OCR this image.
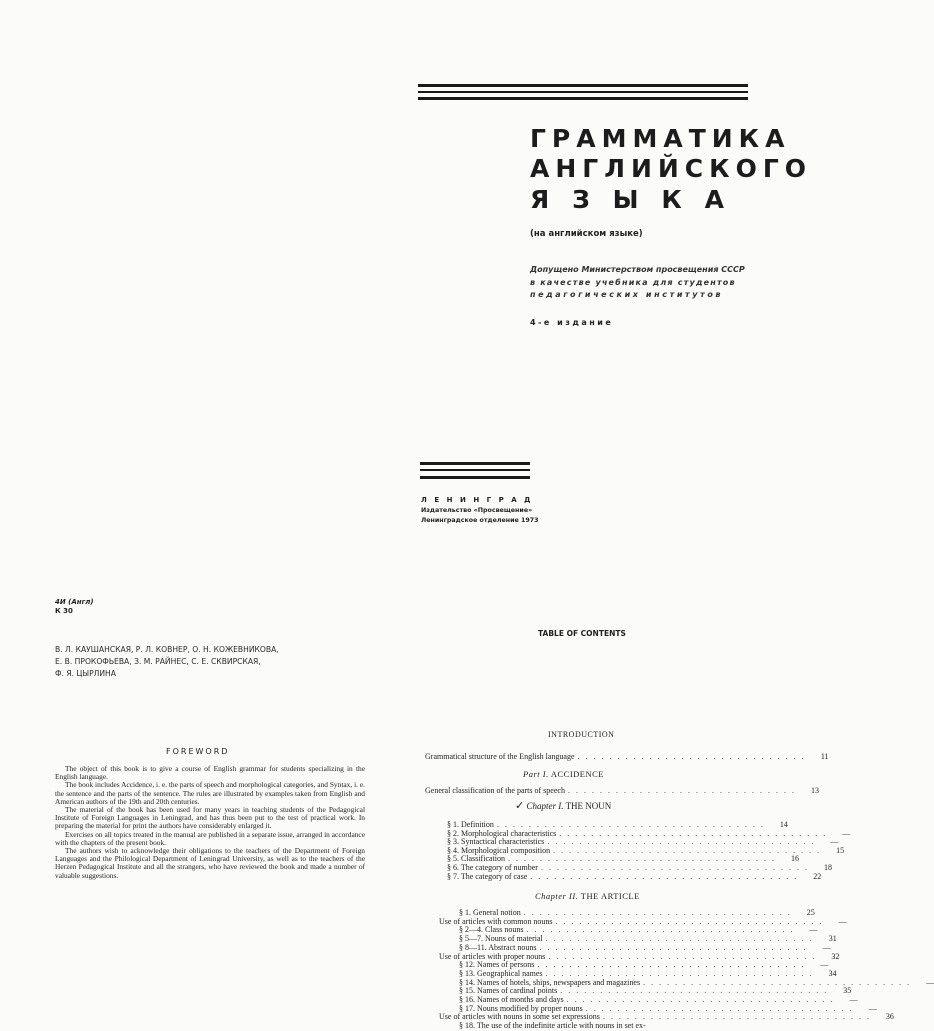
ГРАММАТИКА
АНГЛИЙСКОГО
Я З Ы К А
(на английском языке)
Допущено Министерством просвещения СССР
в качестве учебника для студентов
педагогических институтов
4-е издание
ЛЕНИНГРАД
Издательство «Просвещение»
Ленинградское отделение 1973
4И (Англ)
К 30
В. Л. КАУШАНСКАЯ, Р. Л. КОВНЕР, О. Н. КОЖЕВНИКОВА,
Е. В. ПРОКОФЬЕВА, З. М. РАЙНЕС, С. Е. СКВИРСКАЯ,
Ф. Я. ЦЫРЛИНА
FOREWORD

The object of this book is to give a course of English grammar for students specializing in the English language.

The book includes Accidence, i. e. the parts of speech and morphological categories, and Syntax, i. e. the sentence and the parts of the sentence. The rules are illustrated by examples taken from English and American authors of the 19th and 20th centuries.

The material of the book has been used for many years in teaching students of the Pedagogical Institute of Foreign Languages in Leningrad, and has thus been put to the test of practical work. In preparing the material for print the authors have considerably enlarged it.

Exercises on all topics treated in the manual are published in a separate issue, arranged in accordance with the chapters of the present book.

The authors wish to acknowledge their obligations to the teachers of the Department of Foreign Languages and the Philological Department of Leningrad University, as well as to the teachers of the Herzen Pedagogical Institute and all the strangers, who have reviewed the book and made a number of valuable suggestions.

TABLE OF CONTENTS
INTRODUCTION
Grammatical structure of the English language . . . . . . . . . . . . . . . . . . . . . . . . . . . . .	11
Part I. ACCIDENCE
General classification of the parts of speech . . . . . . . . . . . . . . . . . . . . . . . . . . . . .	13
✓ Chapter I. THE NOUN
§ 1. Definition . . . . . . . . . . . . . . . . . . . . . . . . . . . . . . . . . .	14
§ 2. Morphological characteristics . . . . . . . . . . . . . . . . . . . . . . . . . . . . . . . . . .	—
§ 3. Syntactical characteristics . . . . . . . . . . . . . . . . . . . . . . . . . . . . . . . . . .	—
§ 4. Morphological composition . . . . . . . . . . . . . . . . . . . . . . . . . . . . . . . . . .	15
§ 5. Classification . . . . . . . . . . . . . . . . . . . . . . . . . . . . . . . . . .	16
§ 6. The category of number . . . . . . . . . . . . . . . . . . . . . . . . . . . . . . . . . .	18
§ 7. The category of case . . . . . . . . . . . . . . . . . . . . . . . . . . . . . . . . . .	22
Chapter II. THE ARTICLE
§ 1. General notion . . . . . . . . . . . . . . . . . . . . . . . . . . . . . . . . . .	25
Use of articles with common nouns . . . . . . . . . . . . . . . . . . . . . . . . . . . . . . . . . .	—
§ 2—4. Class nouns . . . . . . . . . . . . . . . . . . . . . . . . . . . . . . . . . .	—
§ 5—7. Nouns of material . . . . . . . . . . . . . . . . . . . . . . . . . . . . . . . . . .	31
§ 8—11. Abstract nouns . . . . . . . . . . . . . . . . . . . . . . . . . . . . . . . . . .	—
Use of articles with proper nouns . . . . . . . . . . . . . . . . . . . . . . . . . . . . . . . . . .	32
§ 12. Names of persons . . . . . . . . . . . . . . . . . . . . . . . . . . . . . . . . . .	—
§ 13. Geographical names . . . . . . . . . . . . . . . . . . . . . . . . . . . . . . . . . .	34
§ 14. Names of hotels, ships, newspapers and magazines . . . . . . . . . . . . . . . . . . . . . . . . . . . . . . . . . .	—
§ 15. Names of cardinal points . . . . . . . . . . . . . . . . . . . . . . . . . . . . . . . . . .	35
§ 16. Names of months and days . . . . . . . . . . . . . . . . . . . . . . . . . . . . . . . . . .	—
§ 17. Nouns modified by proper nouns . . . . . . . . . . . . . . . . . . . . . . . . . . . . . . . . . .	—
Use of articles with nouns in some set expressions . . . . . . . . . . . . . . . . . . . . . . . . . . . . . . . . . .	36
§ 18. The use of the indefinite article with nouns in set ex-
